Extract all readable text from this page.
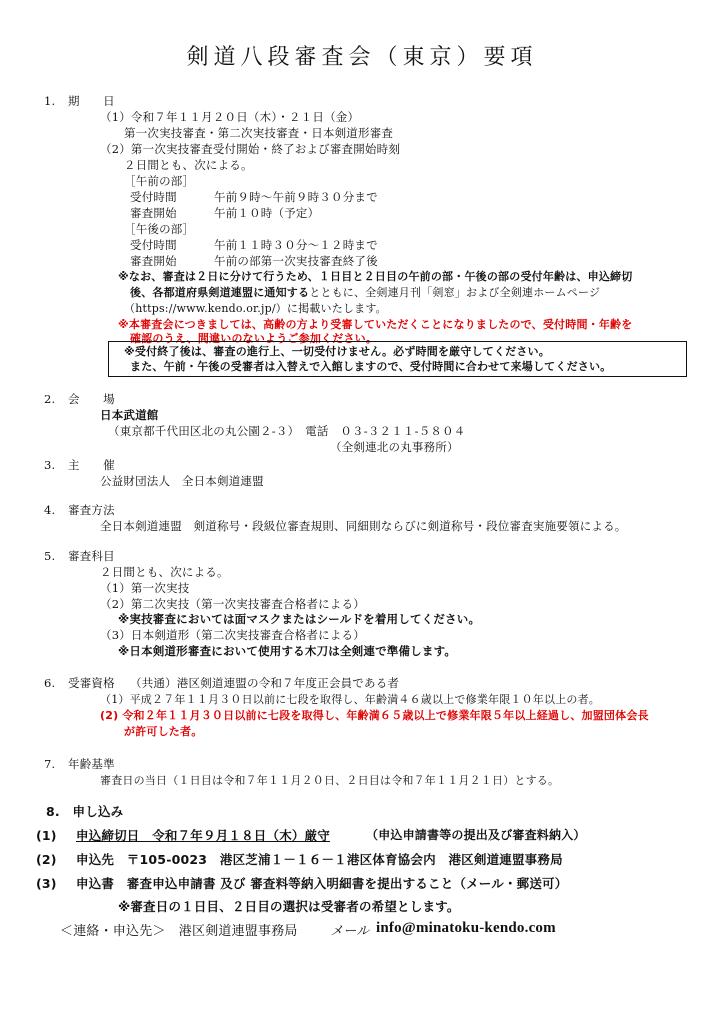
剣道八段審査会（東京）要項
1. 期　　日
（1）令和７年１１月２０日（木）・２１日（金）
第一次実技審査・第二次実技審査・日本剣道形審査
（2）第一次実技審査受付開始・終了および審査開始時刻
２日間とも、次による。
［午前の部］
受付時間	午前９時～午前９時３０分まで
審査開始	午前１０時（予定）
［午後の部］
受付時間	午前１１時３０分～１２時まで
審査開始	午前の部第一次実技審査終了後
※なお、審査は２日に分けて行うため、１日目と２日目の午前の部・午後の部の受付年齢は、申込締切
後、各都道府県剣道連盟に通知するとともに、全剣連月刊「剣窓」および全剣連ホームページ
（https://www.kendo.or.jp/）に掲載いたします。
※本審査会につきましては、高齢の方より受審していただくことになりましたので、受付時間・年齢を
確認のうえ、間違いのないようご参加ください。
※受付終了後は、審査の進行上、一切受付けません。必ず時間を厳守してください。
また、午前・午後の受審者は入替えで入館しますので、受付時間に合わせて来場してください。
2. 会　　場
日本武道館
（東京都千代田区北の丸公園２-３）　電話　０３-３２１１-５８０４
（全剣連北の丸事務所）
3. 主　　催
公益財団法人　全日本剣道連盟
4. 審査方法
全日本剣道連盟　剣道称号・段級位審査規則、同細則ならびに剣道称号・段位審査実施要領による。
5. 審査科目
２日間とも、次による。
（1）第一次実技
（2）第二次実技（第一次実技審査合格者による）
※実技審査においては面マスクまたはシールドを着用してください。
（3）日本剣道形（第二次実技審査合格者による）
※日本剣道形審査において使用する木刀は全剣連で準備します。
6. 受審資格 （共通）港区剣道連盟の令和７年度正会員である者
（1）平成２７年１１月３０日以前に七段を取得し、年齢満４６歳以上で修業年限１０年以上の者。
(2) 令和２年１１月３０日以前に七段を取得し、年齢満６５歳以上で修業年限５年以上経過し、加盟団体会長
が許可した者。
7. 年齢基準
審査日の当日（１日目は令和７年１１月２０日、２日目は令和７年１１月２１日）とする。
8.　申し込み
(1) 申込締切日　令和７年９月１８日（木）厳守	（申込申請書等の提出及び審査料納入）
(2) 申込先　〒105-0023　港区芝浦１－１６－１港区体育協会内　港区剣道連盟事務局
(3) 申込書　審査申込申請書 及び 審査料等納入明細書を提出すること（メール・郵送可）
※審査日の１日目、２日目の選択は受審者の希望とします。
＜連絡・申込先＞　港区剣道連盟事務局 メール info@minatoku-kendo.com
